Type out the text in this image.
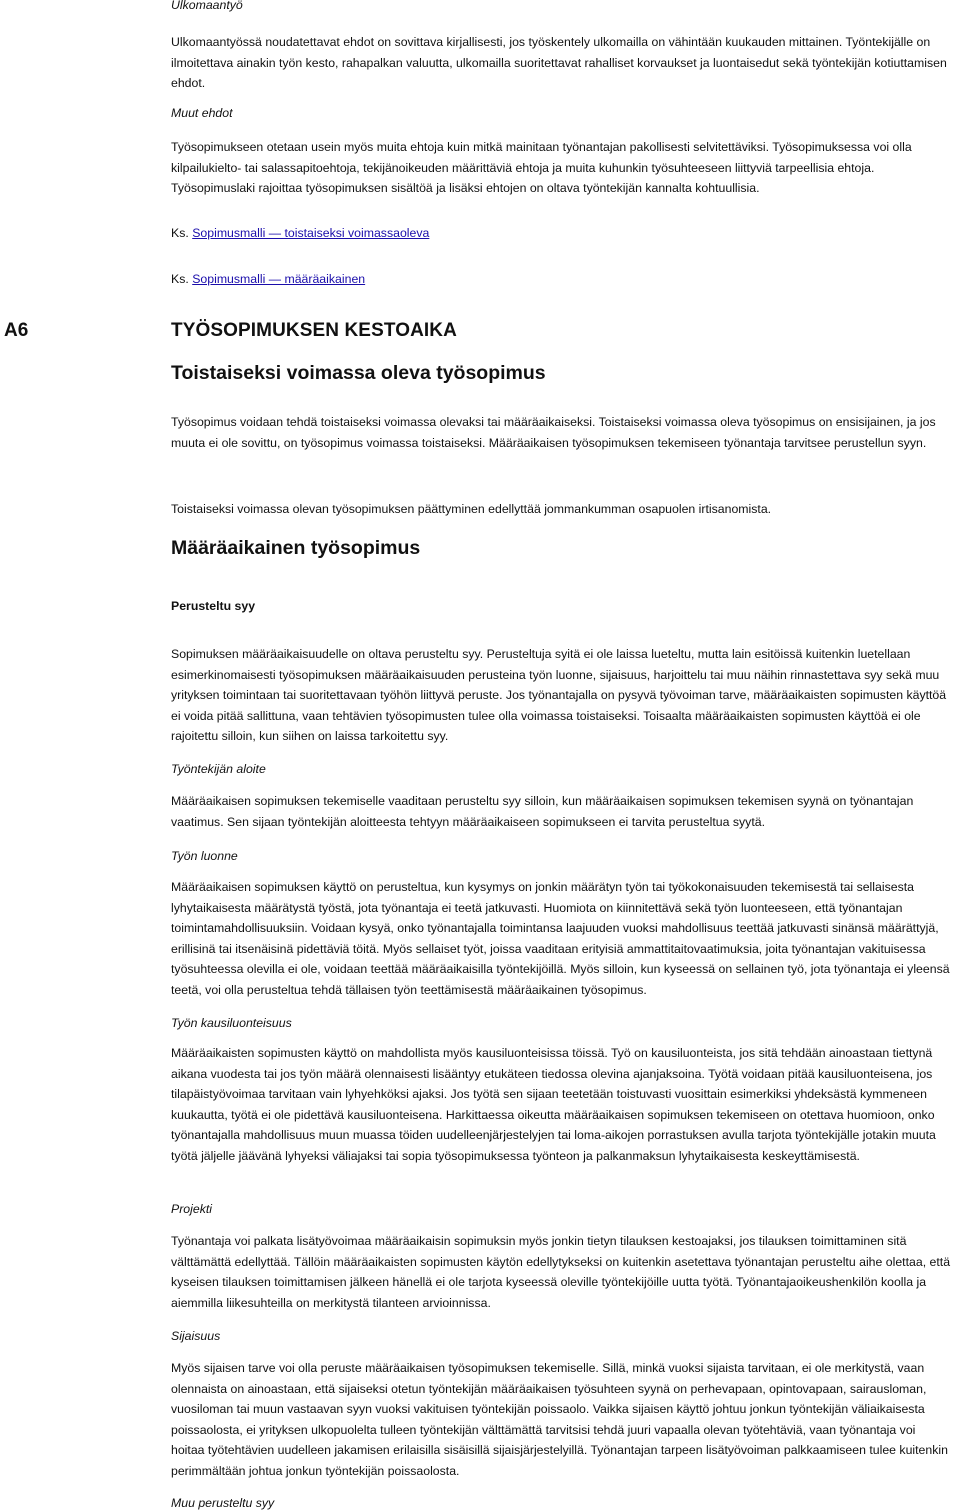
Ulkomaantyö

Ulkomaantyössä noudatettavat ehdot on sovittava kirjallisesti, jos työskentely ulkomailla on vähintään kuukauden mittainen. Työntekijälle on ilmoitettava ainakin työn kesto, rahapalkan valuutta, ulkomailla suoritettavat rahalliset korvaukset ja luontaisedut sekä työntekijän kotiuttamisen ehdot.

Muut ehdot

Työsopimukseen otetaan usein myös muita ehtoja kuin mitkä mainitaan työnantajan pakollisesti selvitettäviksi. Työsopimuksessa voi olla kilpailukielto- tai salassapitoehtoja, tekijänoikeuden määrittäviä ehtoja ja muita kuhunkin työsuhteeseen liittyviä tarpeellisia ehtoja. Työsopimuslaki rajoittaa työsopimuksen sisältöä ja lisäksi ehtojen on oltava työntekijän kannalta kohtuullisia.

Ks. Sopimusmalli — toistaiseksi voimassaoleva

Ks. Sopimusmalli — määräaikainen

A6	TYÖSOPIMUKSEN KESTOAIKA
Toistaiseksi voimassa oleva työsopimus

Työsopimus voidaan tehdä toistaiseksi voimassa olevaksi tai määräaikaiseksi. Toistaiseksi voimassa oleva työsopimus on ensisijainen, ja jos muuta ei ole sovittu, on työsopimus voimassa toistaiseksi. Määräaikaisen työsopimuksen tekemiseen työnantaja tarvitsee perustellun syyn.

Toistaiseksi voimassa olevan työsopimuksen päättyminen edellyttää jommankumman osapuolen irtisanomista.

Määräaikainen työsopimus

Perusteltu syy

Sopimuksen määräaikaisuudelle on oltava perusteltu syy. Perusteltuja syitä ei ole laissa lueteltu, mutta lain esitöissä kuitenkin luetellaan esimerkinomaisesti työsopimuksen määräaikaisuuden perusteina työn luonne, sijaisuus, harjoittelu tai muu näihin rinnastettava syy sekä muu yrityksen toimintaan tai suoritettavaan työhön liittyvä peruste. Jos työnantajalla on pysyvä työvoiman tarve, määräaikaisten sopimusten käyttöä ei voida pitää sallittuna, vaan tehtävien työsopimusten tulee olla voimassa toistaiseksi. Toisaalta määräaikaisten sopimusten käyttöä ei ole rajoitettu silloin, kun siihen on laissa tarkoitettu syy.

Työntekijän aloite

Määräaikaisen sopimuksen tekemiselle vaaditaan perusteltu syy silloin, kun määräaikaisen sopimuksen tekemisen syynä on työnantajan vaatimus. Sen sijaan työntekijän aloitteesta tehtyyn määräaikaiseen sopimukseen ei tarvita perusteltua syytä.

Työn luonne

Määräaikaisen sopimuksen käyttö on perusteltua, kun kysymys on jonkin määrätyn työn tai työkokonaisuuden tekemisestä tai sellaisesta lyhytaikaisesta määrätystä työstä, jota työnantaja ei teetä jatkuvasti. Huomiota on kiinnitettävä sekä työn luonteeseen, että työnantajan toimintamahdollisuuksiin. Voidaan kysyä, onko työnantajalla toimintansa laajuuden vuoksi mahdollisuus teettää jatkuvasti sinänsä määrättyjä, erillisinä tai itsenäisinä pidettäviä töitä. Myös sellaiset työt, joissa vaaditaan erityisiä ammattitaitovaatimuksia, joita työnantajan vakituisessa työsuhteessa olevilla ei ole, voidaan teettää määräaikaisilla työntekijöillä. Myös silloin, kun kyseessä on sellainen työ, jota työnantaja ei yleensä teetä, voi olla perusteltua tehdä tällaisen työn teettämisestä määräaikainen työsopimus.

Työn kausiluonteisuus

Määräaikaisten sopimusten käyttö on mahdollista myös kausiluonteisissa töissä. Työ on kausiluonteista, jos sitä tehdään ainoastaan tiettynä aikana vuodesta tai jos työn määrä olennaisesti lisääntyy etukäteen tiedossa olevina ajanjaksoina. Työtä voidaan pitää kausiluonteisena, jos tilapäistyövoimaa tarvitaan vain lyhyehköksi ajaksi. Jos työtä sen sijaan teetetään toistuvasti vuosittain esimerkiksi yhdeksästä kymmeneen kuukautta, työtä ei ole pidettävä kausiluonteisena. Harkittaessa oikeutta määräaikaisen sopimuksen tekemiseen on otettava huomioon, onko työnantajalla mahdollisuus muun muassa töiden uudelleenjärjestelyjen tai loma-aikojen porrastuksen avulla tarjota työntekijälle jotakin muuta työtä jäljelle jäävänä lyhyeksi väliajaksi tai sopia työsopimuksessa työnteon ja palkanmaksun lyhytaikaisesta keskeyttämisestä.

Projekti

Työnantaja voi palkata lisätyövoimaa määräaikaisin sopimuksin myös jonkin tietyn tilauksen kestoajaksi, jos tilauksen toimittaminen sitä välttämättä edellyttää. Tällöin määräaikaisten sopimusten käytön edellytykseksi on kuitenkin asetettava työnantajan perusteltu aihe olettaa, että kyseisen tilauksen toimittamisen jälkeen hänellä ei ole tarjota kyseessä oleville työntekijöille uutta työtä. Työnantajaoikeushenkilön koolla ja aiemmilla liikesuhteilla on merkitystä tilanteen arvioinnissa.

Sijaisuus

Myös sijaisen tarve voi olla peruste määräaikaisen työsopimuksen tekemiselle. Sillä, minkä vuoksi sijaista tarvitaan, ei ole merkitystä, vaan olennaista on ainoastaan, että sijaiseksi otetun työntekijän määräaikaisen työsuhteen syynä on perhevapaan, opintovapaan, sairausloman, vuosiloman tai muun vastaavan syyn vuoksi vakituisen työntekijän poissaolo. Vaikka sijaisen käyttö johtuu jonkun työntekijän väliaikaisesta poissaolosta, ei yrityksen ulkopuolelta tulleen työntekijän välttämättä tarvitsisi tehdä juuri vapaalla olevan työtehtäviä, vaan työnantaja voi hoitaa työtehtävien uudelleen jakamisen erilaisilla sisäisillä sijaisjärjestelyillä. Työnantajan tarpeen lisätyövoiman palkkaamiseen tulee kuitenkin perimmältään johtua jonkun työntekijän poissaolosta.

Muu perusteltu syy
